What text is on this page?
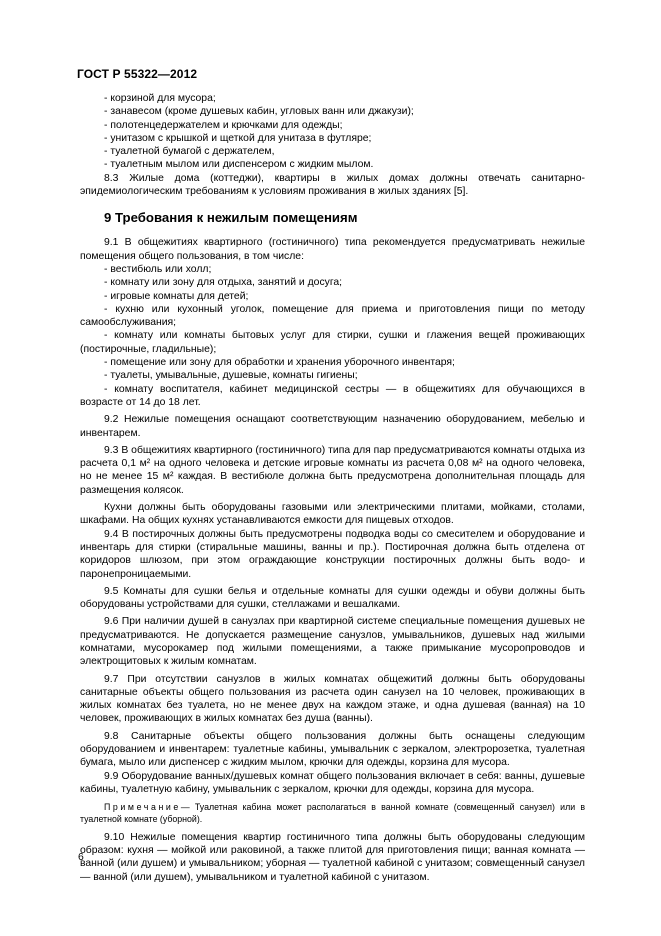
ГОСТ Р 55322—2012

- корзиной для мусора;

- занавесом (кроме душевых кабин, угловых ванн или джакузи);

- полотенцедержателем и крючками для одежды;

- унитазом с крышкой и щеткой для унитаза в футляре;

- туалетной бумагой с держателем,

- туалетным мылом или диспенсером с жидким мылом.

8.3 Жилые дома (коттеджи), квартиры в жилых домах должны отвечать санитарно-эпидемиологическим требованиям к условиям проживания в жилых зданиях [5].

9 Требования к нежилым помещениям

9.1 В общежитиях квартирного (гостиничного) типа рекомендуется предусматривать нежилые помещения общего пользования, в том числе:

- вестибюль или холл;

- комнату или зону для отдыха, занятий и досуга;

- игровые комнаты для детей;

- кухню или кухонный уголок, помещение для приема и приготовления пищи по методу самообслуживания;

- комнату или комнаты бытовых услуг для стирки, сушки и глажения вещей проживающих (постирочные, гладильные);

- помещение или зону для обработки и хранения уборочного инвентаря;

- туалеты, умывальные, душевые, комнаты гигиены;

- комнату воспитателя, кабинет медицинской сестры — в общежитиях для обучающихся в возрасте от 14 до 18 лет.

9.2 Нежилые помещения оснащают соответствующим назначению оборудованием, мебелью и инвентарем.

9.3 В общежитиях квартирного (гостиничного) типа для пар предусматриваются комнаты отдыха из расчета 0,1 м² на одного человека и детские игровые комнаты из расчета 0,08 м² на одного человека, но не менее 15 м² каждая. В вестибюле должна быть предусмотрена дополнительная площадь для размещения колясок.

Кухни должны быть оборудованы газовыми или электрическими плитами, мойками, столами, шкафами. На общих кухнях устанавливаются емкости для пищевых отходов.

9.4 В постирочных должны быть предусмотрены подводка воды со смесителем и оборудование и инвентарь для стирки (стиральные машины, ванны и пр.). Постирочная должна быть отделена от коридоров шлюзом, при этом ограждающие конструкции постирочных должны быть водо- и паронепроницаемыми.

9.5 Комнаты для сушки белья и отдельные комнаты для сушки одежды и обуви должны быть оборудованы устройствами для сушки, стеллажами и вешалками.

9.6 При наличии душей в санузлах при квартирной системе специальные помещения душевых не предусматриваются. Не допускается размещение санузлов, умывальников, душевых над жилыми комнатами, мусорокамер под жилыми помещениями, а также примыкание мусоропроводов и электрощитовых к жилым комнатам.

9.7 При отсутствии санузлов в жилых комнатах общежитий должны быть оборудованы санитарные объекты общего пользования из расчета один санузел на 10 человек, проживающих в жилых комнатах без туалета, но не менее двух на каждом этаже, и одна душевая (ванная) на 10 человек, проживающих в жилых комнатах без душа (ванны).

9.8 Санитарные объекты общего пользования должны быть оснащены следующим оборудованием и инвентарем: туалетные кабины, умывальник с зеркалом, электророзетка, туалетная бумага, мыло или диспенсер с жидким мылом, крючки для одежды, корзина для мусора.

9.9 Оборудование ванных/душевых комнат общего пользования включает в себя: ванны, душевые кабины, туалетную кабину, умывальник с зеркалом, крючки для одежды, корзина для мусора.

Примечание— Туалетная кабина может располагаться в ванной комнате (совмещенный санузел) или в туалетной комнате (уборной).

9.10 Нежилые помещения квартир гостиничного типа должны быть оборудованы следующим образом: кухня — мойкой или раковиной, а также плитой для приготовления пищи; ванная комната — ванной (или душем) и умывальником; уборная — туалетной кабиной с унитазом; совмещенный санузел — ванной (или душем), умывальником и туалетной кабиной с унитазом.

6
